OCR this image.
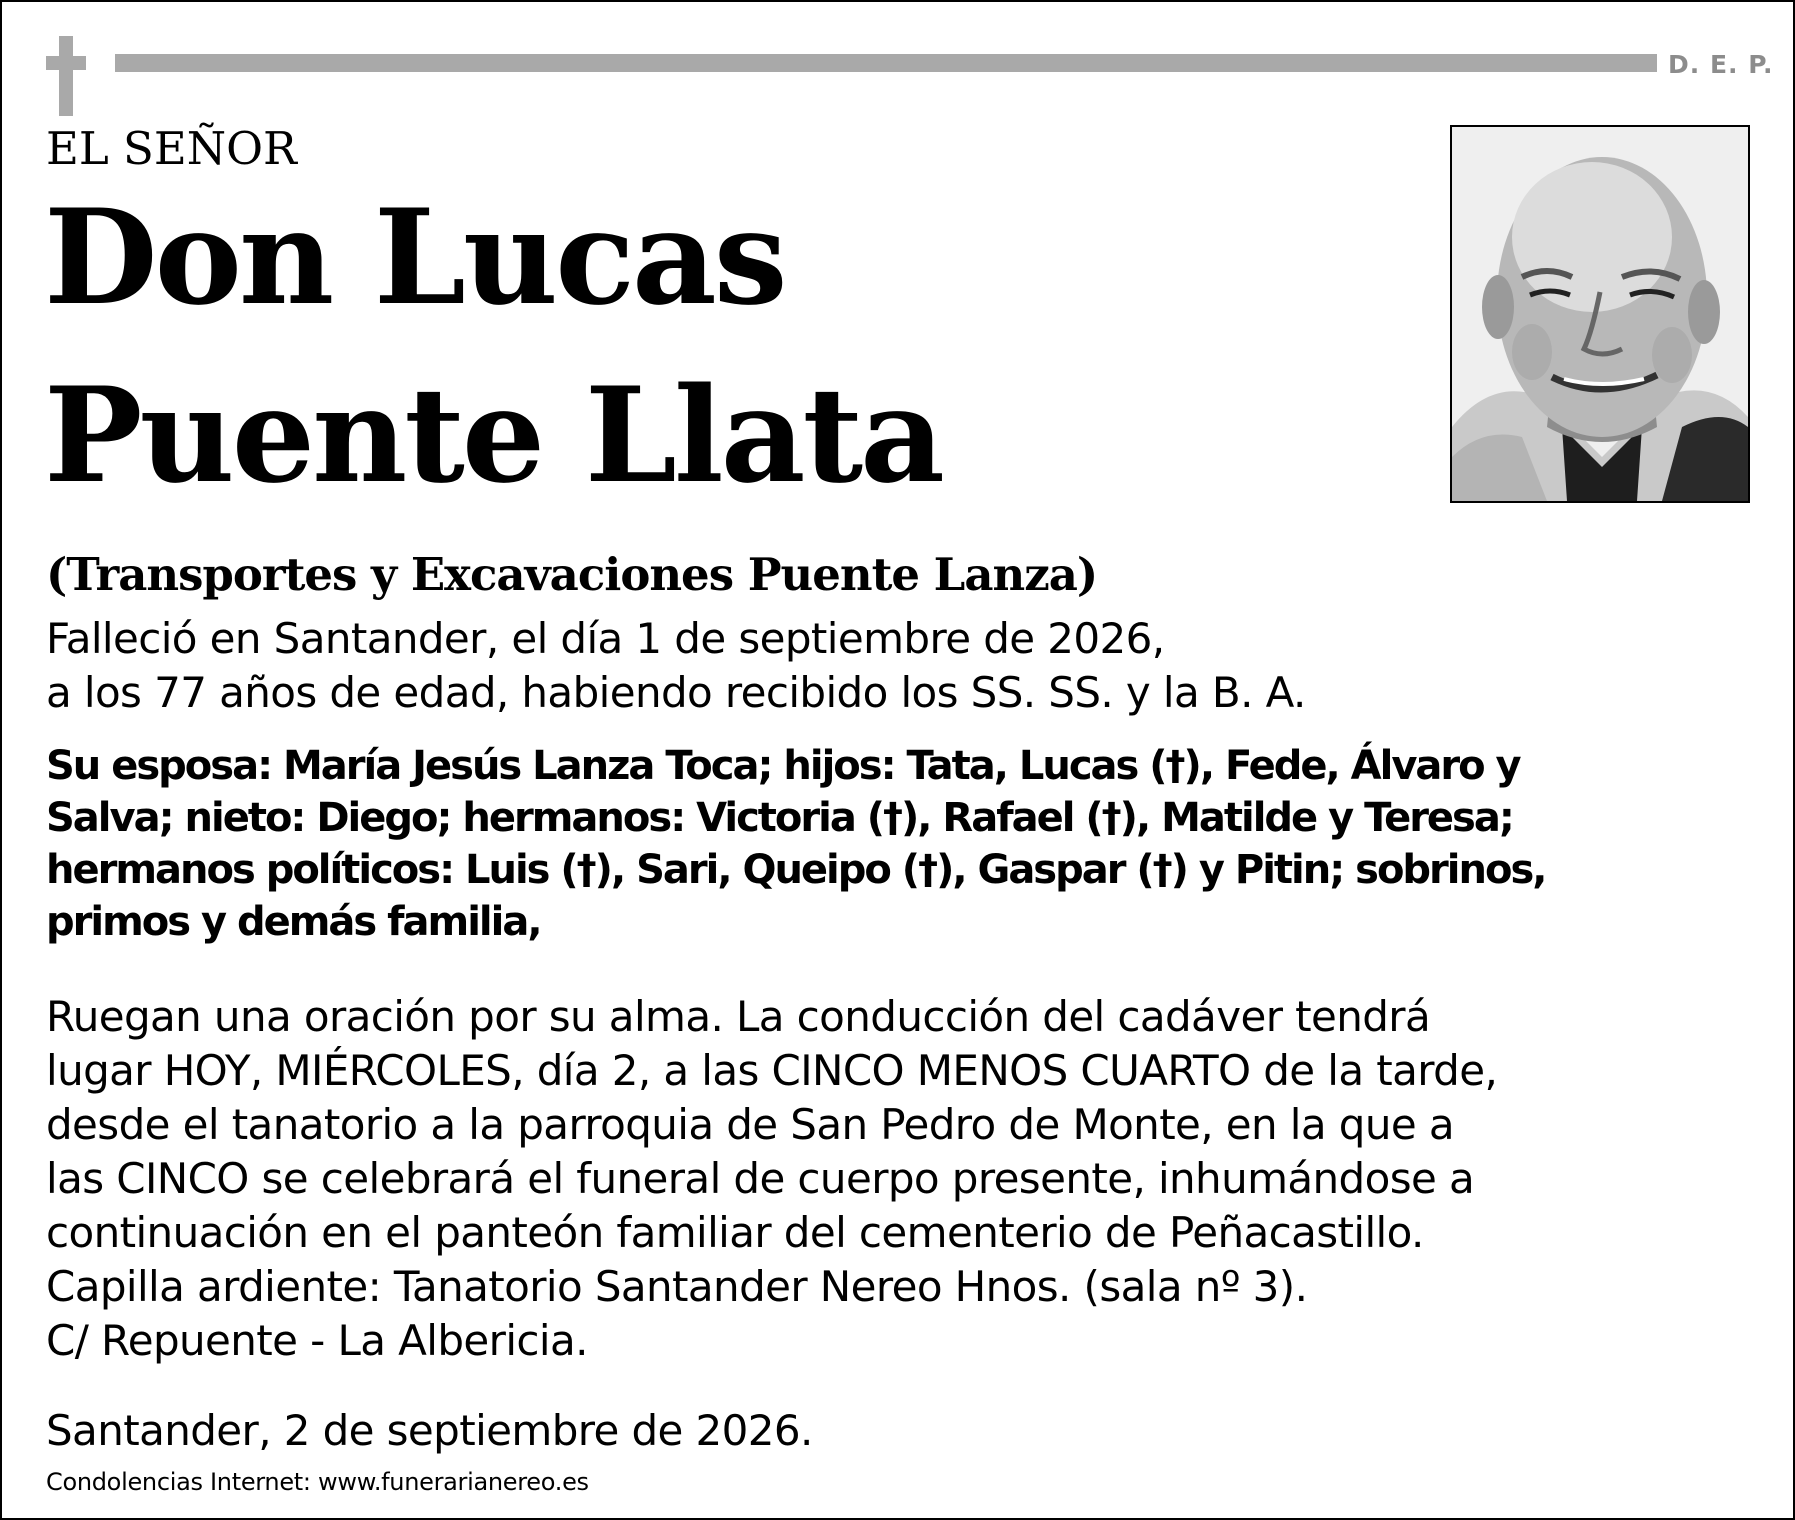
D. E. P.
EL SEÑOR
Don Lucas
Puente Llata
(Transportes y Excavaciones Puente Lanza)
Falleció en Santander, el día 1 de septiembre de 2026,
a los 77 años de edad, habiendo recibido los SS. SS. y la B. A.
Su esposa: María Jesús Lanza Toca; hijos: Tata, Lucas (†), Fede, Álvaro y
Salva; nieto: Diego; hermanos: Victoria (†), Rafael (†), Matilde y Teresa;
hermanos políticos: Luis (†), Sari, Queipo (†), Gaspar (†) y Pitin; sobrinos,
primos y demás familia,
Ruegan una oración por su alma. La conducción del cadáver tendrá
lugar HOY, MIÉRCOLES, día 2, a las CINCO MENOS CUARTO de la tarde,
desde el tanatorio a la parroquia de San Pedro de Monte, en la que a
las CINCO se celebrará el funeral de cuerpo presente, inhumándose a
continuación en el panteón familiar del cementerio de Peñacastillo.
Capilla ardiente: Tanatorio Santander Nereo Hnos. (sala nº 3).
C/ Repuente - La Albericia.
Santander, 2 de septiembre de 2026.
Condolencias Internet: www.funerarianereo.es
